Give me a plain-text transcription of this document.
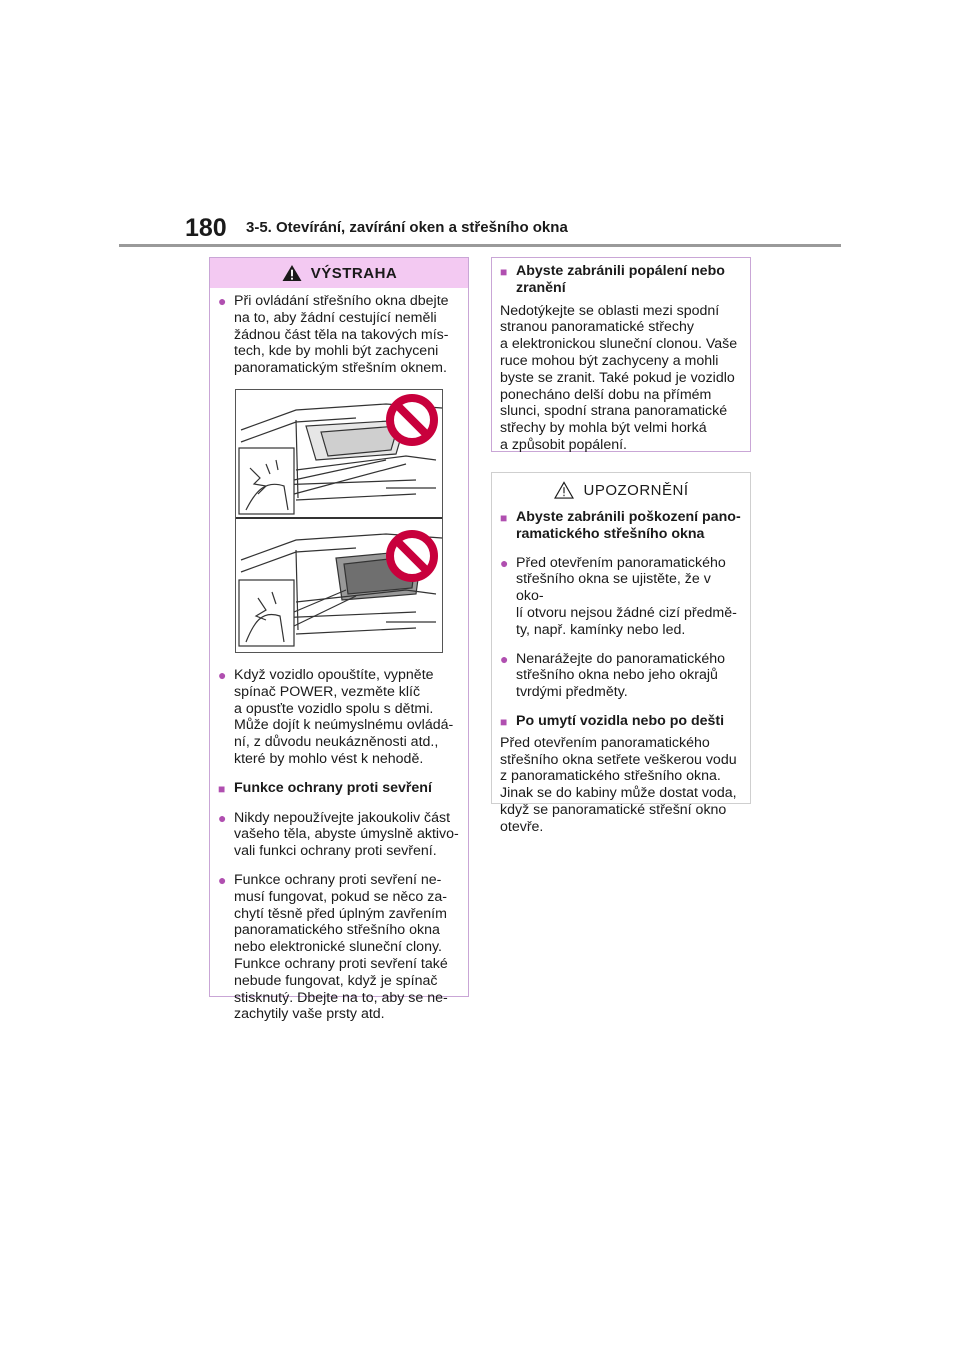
180 3-5. Otevírání, zavírání oken a střešního okna
VÝSTRAHA
●
Při ovládání střešního okna dbejte
na to, aby žádní cestující neměli
žádnou část těla na takových mís-
tech, kde by mohli být zachyceni
panoramatickým střešním oknem.
●
Když vozidlo opouštíte, vypněte
spínač POWER, vezměte klíč
a opusťte vozidlo spolu s dětmi.
Může dojít k neúmyslnému ovládá-
ní, z důvodu neukázněnosti atd.,
které by mohlo vést k nehodě.
■
Funkce ochrany proti sevření
●
Nikdy nepoužívejte jakoukoliv část
vašeho těla, abyste úmyslně aktivo-
vali funkci ochrany proti sevření.
●
Funkce ochrany proti sevření ne-
musí fungovat, pokud se něco za-
chytí těsně před úplným zavřením
panoramatického střešního okna
nebo elektronické sluneční clony.
Funkce ochrany proti sevření také
nebude fungovat, když je spínač
stisknutý. Dbejte na to, aby se ne-
zachytily vaše prsty atd.
■
Abyste zabránili popálení nebo
zranění

Nedotýkejte se oblasti mezi spodní
stranou panoramatické střechy
a elektronickou sluneční clonou. Vaše
ruce mohou být zachyceny a mohli
byste se zranit. Také pokud je vozidlo
ponecháno delší dobu na přímém
slunci, spodní strana panoramatické
střechy by mohla být velmi horká
a způsobit popálení.

UPOZORNĚNÍ
■
Abyste zabránili poškození pano-
ramatického střešního okna
●
Před otevřením panoramatického
střešního okna se ujistěte, že v oko-
lí otvoru nejsou žádné cizí předmě-
ty, např. kamínky nebo led.
●
Nenarážejte do panoramatického
střešního okna nebo jeho okrajů
tvrdými předměty.
■
Po umytí vozidla nebo po dešti

Před otevřením panoramatického
střešního okna setřete veškerou vodu
z panoramatického střešního okna.
Jinak se do kabiny může dostat voda,
když se panoramatické střešní okno
otevře.
